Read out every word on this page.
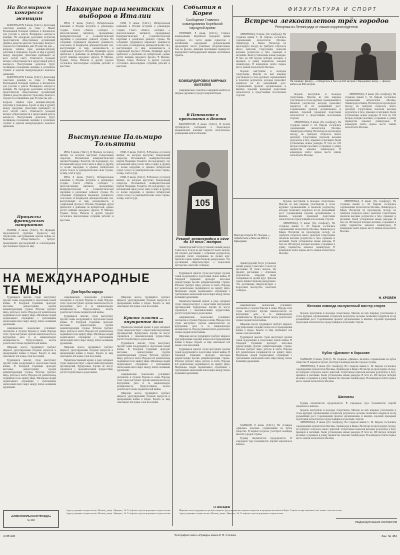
ФИЗКУЛЬТУРА И СПОРТ
На Всемирном конгрессе женщин

КОПЕНГАГЕН, 8 июня. (ТАСС). Делегация советских женщин во главе с Ниной Васильевной Поповой прибыла в Копенгаген для участия в работе Всемирного конгресса женщин. На аэродроме делегацию встречали представители общественных организаций Дании и делегаты многих стран мира. Конгресс откроется в ближайшие дни. В повестке дня — вопросы защиты прав женщин-матерей, работниц и гражданок, борьба за мир и дружбу между народами. Делегации прибывают из всех частей света. Отмечается большой интерес общественности к предстоящей работе конгресса. Выступления делегаток будут посвящены положению женщин в различных странах и задачам международного женского движения.

КОПЕНГАГЕН, 8 июня. (ТАСС). Делегация советских женщин во главе с Ниной Васильевной Поповой прибыла в Копенгаген для участия в работе Всемирного конгресса женщин. На аэродроме делегацию встречали представители общественных организаций Дании и делегаты многих стран мира. Конгресс откроется в ближайшие дни. В повестке дня — вопросы защиты прав женщин-матерей, работниц и гражданок, борьба за мир и дружбу между народами. Делегации прибывают из всех частей света. Отмечается большой интерес общественности к предстоящей работе конгресса. Выступления делегаток будут посвящены положению женщин в различных странах и задачам международного женского движения.

Процессы французских патриотов

ПАРИЖ, 8 июня. (ТАСС). Во Франции продолжаются судебные процессы над патриотами, выступавшими против войны во Вьетнаме. Общественность требует прекращения преследований и освобождения арестованных борцов за мир.

Накануне парламентских выборов в Италии

РИМ, 8 июня. (ТАСС). Избирательная кампания в Италии вступила в решающую стадию. Газета «Унита» сообщает о многочисленных митингах, проведённых Коммунистической и Социалистической партиями в различных районах страны. На собраниях трудящиеся выражают решимость голосовать за кандидатов демократических сил, выступающих за мир, независимость и социальный прогресс Италии. Правящие круги прибегают к давлению на избирателей, однако растёт влияние народного фронта. В Милане, Турине, Генуе, Неаполе и других городах состоялись многолюдные собрания рабочих и крестьян.

РИМ, 8 июня. (ТАСС). Избирательная кампания в Италии вступила в решающую стадию. Газета «Унита» сообщает о многочисленных митингах, проведённых Коммунистической и Социалистической партиями в различных районах страны. На собраниях трудящиеся выражают решимость голосовать за кандидатов демократических сил, выступающих за мир, независимость и социальный прогресс Италии. Правящие круги прибегают к давлению на избирателей, однако растёт влияние народного фронта. В Милане, Турине, Генуе, Неаполе и других городах состоялись многолюдные собрания рабочих и крестьян.

Выступление Пальмиро Тольятти

РИМ, 8 июня. (ТАСС). В Неаполе состоялся митинг, на котором выступил Генеральный секретарь Итальянской коммунистической партии Пальмиро Тольятти. Он подчеркнул, что итальянский народ хочет жить в мире и дружбе со всеми народами, и призвал избирателей отдать голоса за демократические силы страны, за мир, хлеб и труд.

РИМ, 8 июня. (ТАСС). Избирательная кампания в Италии вступила в решающую стадию. Газета «Унита» сообщает о многочисленных митингах, проведённых Коммунистической и Социалистической партиями в различных районах страны. На собраниях трудящиеся выражают решимость голосовать за кандидатов демократических сил, выступающих за мир, независимость и социальный прогресс Италии. Правящие круги прибегают к давлению на избирателей, однако растёт влияние народного фронта. В Милане, Турине, Генуе, Неаполе и других городах состоялись многолюдные собрания рабочих и крестьян.

РИМ, 8 июня. (ТАСС). В Неаполе состоялся митинг, на котором выступил Генеральный секретарь Итальянской коммунистической партии Пальмиро Тольятти. Он подчеркнул, что итальянский народ хочет жить в мире и дружбе со всеми народами, и призвал избирателей отдать голоса за демократические силы страны, за мир, хлеб и труд.

РИМ, 8 июня. (ТАСС). В Неаполе состоялся митинг, на котором выступил Генеральный секретарь Итальянской коммунистической партии Пальмиро Тольятти. Он подчеркнул, что итальянский народ хочет жить в мире и дружбе со всеми народами, и призвал избирателей отдать голоса за демократические силы страны, за мир, хлеб и труд.

События в Корее
Сообщение Главного командования Корейской народной армии

ПХЕНЬЯН, 8 июня. (ТАСС). Главное командование Корейской народной армии сообщает, что части армии совместно с китайскими народными добровольцами продолжают вести успешные оборонительные бои на фронте. Авиация противника подвергает варварским бомбардировкам мирные населённые пункты.

БОМБАРДИРОВКИ МИРНЫХ ЖИТЕЛЕЙ

Американские самолёты совершили налёты на мирные деревни и города Северной Кореи.

В Пентагоне о пребывании в Японии

ВАШИНГТОН, 8 июня. (ТАСС). В печати публикуются сообщения о переговорах американских военных кругов относительно размещения войск в Японии.

105
Мастер спорта Ю. Литуев — победитель в беге на 400 м с барьерами.
Встреча легкоатлетов трёх городов
Репортаж из Ленинграда от наших корреспондентов

ЛЕНИНГРАД, 8 июня. (По телефону). На стадионе имени С. М. Кирова состоялись соревнования легкоатлетов Москвы, Ленинграда и Киева. Несмотря на прохладную погоду, на трибунах собралось много зрителей. Спортсмены показали высокие результаты в беге, прыжках и метаниях. Были установлены новые рекорды. В беге на 100 метров победил москвич, в прыжках в длину первенство завоевал ленинградец. В командном зачёте первое место заняли легкоатлеты Москвы.

Хорошо выступили и молодые спортсмены. Многие из них впервые участвовали в столь крупных соревнованиях и показали результаты, которые позволяют надеяться на их дальнейший рост. Соревнования прошли организованно и явились хорошей проверкой подготовки легкоатлетов к предстоящим всесоюзным стартам.

На снимках: вверху — победитель в беге на 110 метров с барьерами; внизу — финиш забега на 800 метров.

Хорошо выступили и молодые спортсмены. Многие из них впервые участвовали в столь крупных соревнованиях и показали результаты, которые позволяют надеяться на их дальнейший рост. Соревнования прошли организованно и явились хорошей проверкой подготовки легкоатлетов к предстоящим всесоюзным стартам.

ЛЕНИНГРАД, 8 июня. (По телефону). На стадионе имени С. М. Кирова состоялись соревнования легкоатлетов Москвы, Ленинграда и Киева. Несмотря на прохладную погоду, на трибунах собралось много зрителей. Спортсмены показали высокие результаты в беге, прыжках и метаниях. Были установлены новые рекорды. В беге на 100 метров победил москвич, в прыжках в длину первенство завоевал ленинградец. В командном зачёте первое место заняли легкоатлеты Москвы.

ЛЕНИНГРАД, 8 июня. (По телефону). На стадионе имени С. М. Кирова состоялись соревнования легкоатлетов Москвы, Ленинграда и Киева. Несмотря на прохладную погоду, на трибунах собралось много зрителей. Спортсмены показали высокие результаты в беге, прыжках и метаниях. Были установлены новые рекорды. В беге на 100 метров победил москвич, в прыжках в длину первенство завоевал ленинградец. В командном зачёте первое место заняли легкоатлеты Москвы.

Хорошо выступили и молодые спортсмены. Многие из них впервые участвовали в столь крупных соревнованиях и показали результаты, которые позволяют надеяться на их дальнейший рост. Соревнования прошли организованно и явились хорошей проверкой подготовки легкоатлетов к предстоящим всесоюзным стартам.

ЛЕНИНГРАД, 8 июня. (По телефону). На стадионе имени С. М. Кирова состоялись соревнования легкоатлетов Москвы, Ленинграда и Киева. Несмотря на прохладную погоду, на трибунах собралось много зрителей. Спортсмены показали высокие результаты в беге, прыжках и метаниях. Были установлены новые рекорды. В беге на 100 метров победил москвич, в прыжках в длину первенство завоевал ленинградец. В командном зачёте первое место заняли легкоатлеты Москвы.

ЛЕНИНГРАД, 8 июня. (По телефону). На стадионе имени С. М. Кирова состоялись соревнования легкоатлетов Москвы, Ленинграда и Киева. Несмотря на прохладную погоду, на трибунах собралось много зрителей. Спортсмены показали высокие результаты в беге, прыжках и метаниях. Были установлены новые рекорды. В беге на 100 метров победил москвич, в прыжках в длину первенство завоевал ленинградец. В командном зачёте первое место заняли легкоатлеты Москвы.

Ленинградский бегун установил новый рекорд Советского Союза на дистанции 10 тысяч метров. Он прошёл дистанцию с отличным результатом, опередив своих соперников на целый круг. Зрители горячо приветствовали рекордсмена. Это достижение свидетельствует о возросшем мастерстве советских стайеров.

Н. КРОВЕН
Женская команда заслуженный мастер спорта

Американские монополии усиливают экспансию в странах Европы и Азии. Народы этих стран выступают против вмешательства во внутренние дела и за национальную независимость. Прогрессивная печать разоблачает планы поджигателей войны.

Широкие массы трудящихся требуют мирного урегулирования спорных вопросов и прекращения войны в Корее. Борьба за мир охватывает всё новые слои населения.

Трудящиеся многих стран выступают против гонки вооружений и подготовки новой войны. В Западной Германии проходят массовые демонстрации против ремилитаризации страны. Рабочие требуют мира, работы и хлеба. Народы всё решительнее поднимаются на защиту мира. Миллионы людей подписывают обращения с требованием заключения пакта мира между пятью великими державами.

Хорошо выступили и молодые спортсмены. Многие из них впервые участвовали в столь крупных соревнованиях и показали результаты, которые позволяют надеяться на их дальнейший рост. Соревнования прошли организованно и явились хорошей проверкой подготовки легкоатлетов к предстоящим всесоюзным стартам.

Кубок «Динамо» в Харькове

ХАРЬКОВ, 8 июня. (ТАСС). На стадионе «Динамо» начались соревнования на кубок общества. В первых встречах участвуют команды многих городов страны.

ЛЕНИНГРАД, 8 июня. (По телефону). На стадионе имени С. М. Кирова состоялись соревнования легкоатлетов Москвы, Ленинграда и Киева. Несмотря на прохладную погоду, на трибунах собралось много зрителей. Спортсмены показали высокие результаты в беге, прыжках и метаниях. Были установлены новые рекорды. В беге на 100 метров победил москвич, в прыжках в длину первенство завоевал ленинградец. В командном зачёте первое место заняли легкоатлеты Москвы.

Шахматы

Турнир шахматистов продолжается. В очередном туре большинство партий закончилось вничью.

Хорошо выступили и молодые спортсмены. Многие из них впервые участвовали в столь крупных соревнованиях и показали результаты, которые позволяют надеяться на их дальнейший рост. Соревнования прошли организованно и явились хорошей проверкой подготовки легкоатлетов к предстоящим всесоюзным стартам.

ЛЕНИНГРАД, 8 июня. (По телефону). На стадионе имени С. М. Кирова состоялись соревнования легкоатлетов Москвы, Ленинграда и Киева. Несмотря на прохладную погоду, на трибунах собралось много зрителей. Спортсмены показали высокие результаты в беге, прыжках и метаниях. Были установлены новые рекорды. В беге на 100 метров победил москвич, в прыжках в длину первенство завоевал ленинградец. В командном зачёте первое место заняли легкоатлеты Москвы.

ХАРЬКОВ, 8 июня. (ТАСС). На стадионе «Динамо» начались соревнования на кубок общества. В первых встречах участвуют команды многих городов страны.

Турнир шахматистов продолжается. В очередном туре большинство партий закончилось вничью.

РЕДАКЦИОННАЯ КОЛЛЕГИЯ
Рекорд ленинградца в беге на 10 тыс. метров

Ленинградский бегун установил новый рекорд Советского Союза на дистанции 10 тысяч метров. Он прошёл дистанцию с отличным результатом, опередив своих соперников на целый круг. Зрители горячо приветствовали рекордсмена. Это достижение свидетельствует о возросшем мастерстве советских стайеров.

НА МЕЖДУНАРОДНЫЕ ТЕМЫ	Дни борьбы народа

Трудящиеся многих стран выступают против гонки вооружений и подготовки новой войны. В Западной Германии проходят массовые демонстрации против ремилитаризации страны. Рабочие требуют мира, работы и хлеба. Народы всё решительнее поднимаются на защиту мира. Миллионы людей подписывают обращения с требованием заключения пакта мира между пятью великими державами.

Американские монополии усиливают экспансию в странах Европы и Азии. Народы этих стран выступают против вмешательства во внутренние дела и за национальную независимость. Прогрессивная печать разоблачает планы поджигателей войны.

Широкие массы трудящихся требуют мирного урегулирования спорных вопросов и прекращения войны в Корее. Борьба за мир охватывает всё новые слои населения.

Трудящиеся многих стран выступают против гонки вооружений и подготовки новой войны. В Западной Германии проходят массовые демонстрации против ремилитаризации страны. Рабочие требуют мира, работы и хлеба. Народы всё решительнее поднимаются на защиту мира. Миллионы людей подписывают обращения с требованием заключения пакта мира между пятью великими державами.

Американские монополии усиливают экспансию в странах Европы и Азии. Народы этих стран выступают против вмешательства во внутренние дела и за национальную независимость. Прогрессивная печать разоблачает планы поджигателей войны.

Трудящиеся многих стран выступают против гонки вооружений и подготовки новой войны. В Западной Германии проходят массовые демонстрации против ремилитаризации страны. Рабочие требуют мира, работы и хлеба. Народы всё решительнее поднимаются на защиту мира. Миллионы людей подписывают обращения с требованием заключения пакта мира между пятью великими державами.

Широкие массы трудящихся требуют мирного урегулирования спорных вопросов и прекращения войны в Корее. Борьба за мир охватывает всё новые слои населения.

Правительственный кризис в ряде западных стран свидетельствует о нарастании внутренних противоречий. Буржуазные партии не могут справиться с экономическими трудностями, растёт безработица и дороговизна.

Широкие массы трудящихся требуют мирного урегулирования спорных вопросов и прекращения войны в Корее. Борьба за мир охватывает всё новые слои населения.

Кризис власти — внутренние дела

Правительственный кризис в ряде западных стран свидетельствует о нарастании внутренних противоречий. Буржуазные партии не могут справиться с экономическими трудностями, растёт безработица и дороговизна.

Трудящиеся многих стран выступают против гонки вооружений и подготовки новой войны. В Западной Германии проходят массовые демонстрации против ремилитаризации страны. Рабочие требуют мира, работы и хлеба. Народы всё решительнее поднимаются на защиту мира. Миллионы людей подписывают обращения с требованием заключения пакта мира между пятью великими державами.

Американские монополии усиливают экспансию в странах Европы и Азии. Народы этих стран выступают против вмешательства во внутренние дела и за национальную независимость. Прогрессивная печать разоблачает планы поджигателей войны.

Широкие массы трудящихся требуют мирного урегулирования спорных вопросов и прекращения войны в Корее. Борьба за мир охватывает всё новые слои населения.

Трудящиеся многих стран выступают против гонки вооружений и подготовки новой войны. В Западной Германии проходят массовые демонстрации против ремилитаризации страны. Рабочие требуют мира, работы и хлеба. Народы всё решительнее поднимаются на защиту мира. Миллионы людей подписывают обращения с требованием заключения пакта мира между пятью великими державами.

Правительственный кризис в ряде западных стран свидетельствует о нарастании внутренних противоречий. Буржуазные партии не могут справиться с экономическими трудностями, растёт безработица и дороговизна.

Американские монополии усиливают экспансию в странах Европы и Азии. Народы этих стран выступают против вмешательства во внутренние дела и за национальную независимость. Прогрессивная печать разоблачает планы поджигателей войны.

Широкие массы трудящихся требуют мирного урегулирования спорных вопросов и прекращения войны в Корее. Борьба за мир охватывает всё новые слои населения.

Трудящиеся многих стран выступают против гонки вооружений и подготовки новой войны. В Западной Германии проходят массовые демонстрации против ремилитаризации страны. Рабочие требуют мира, работы и хлеба. Народы всё решительнее поднимаются на защиту мира. Миллионы людей подписывают обращения с требованием заключения пакта мира между пятью великими державами.

Н. ВЕНЦЕВ
«КОМСОМОЛЬСКАЯ ПРАВДА»
№ 492

Адрес редакции и издательства: Москва, улица «Правды», 24. Телефоны отделов редакции и издательства.

Адрес редакции и издательства: Москва, улица «Правды», 24. Телефоны отделов редакции и издательства.

Широкие массы трудящихся требуют мирного урегулирования спорных вопросов и прекращения войны в Корее. Борьба за мир охватывает всё новые слои населения.

Адрес редакции и издательства: Москва, улица «Правды», 24. Телефоны отделов редакции и издательства.

4 ИЮНЯ	Типография газеты «Правда» имени И. В. Сталина	Зак. № 482
